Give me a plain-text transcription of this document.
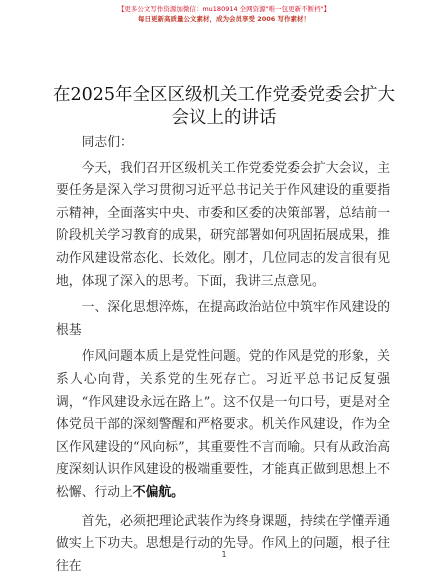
【更多公文写作资源加微信：mu180914 全网资源"唯一包更新不断档"】
每日更新高质量公文素材，成为会员享受 2006 写作素材！
在2025年全区区级机关工作党委党委会扩大会议上的讲话

同志们：

今天，我们召开区级机关工作党委党委会扩大会议，主要任务是深入学习贯彻习近平总书记关于作风建设的重要指示精神，全面落实中央、市委和区委的决策部署，总结前一阶段机关学习教育的成果，研究部署如何巩固拓展成果，推动作风建设常态化、长效化。刚才，几位同志的发言很有见地，体现了深入的思考。下面，我讲三点意见。

一、深化思想淬炼，在提高政治站位中筑牢作风建设的根基

作风问题本质上是党性问题。党的作风是党的形象，关系人心向背，关系党的生死存亡。习近平总书记反复强调，“作风建设永远在路上”。这不仅是一句口号，更是对全体党员干部的深刻警醒和严格要求。机关作风建设，作为全区作风建设的“风向标”，其重要性不言而喻。只有从政治高度深刻认识作风建设的极端重要性，才能真正做到思想上不松懈、行动上不偏航。

首先，必须把理论武装作为终身课题，持续在学懂弄通做实上下功夫。思想是行动的先导。作风上的问题，根子往往在

1
